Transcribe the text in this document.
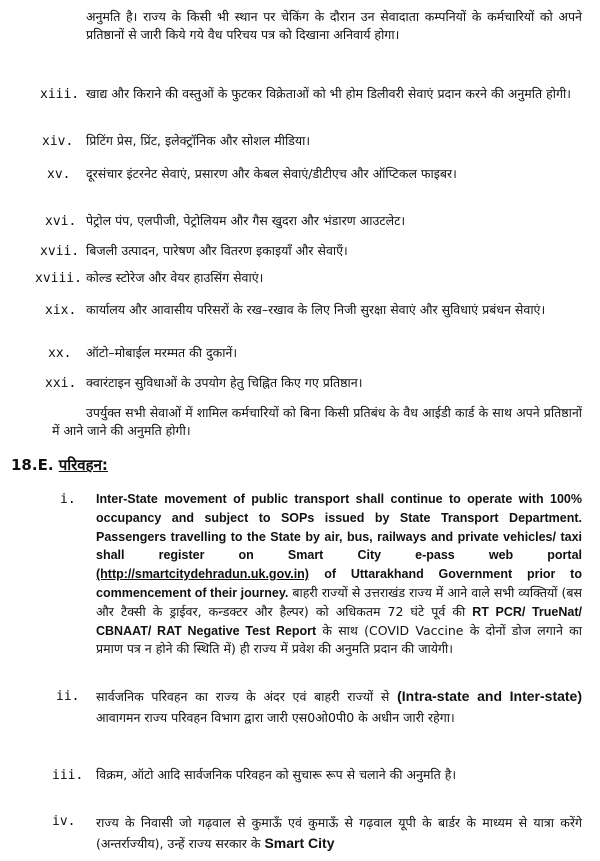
अनुमति है। राज्य के किसी भी स्थान पर चेकिंग के दौरान उन सेवादाता कम्पनियों के कर्मचारियों को अपने प्रतिष्ठानों से जारी किये गये वैध परिचय पत्र को दिखाना अनिवार्य होगा।

xiii. खाद्य और किराने की वस्तुओं के फुटकर विक्रेताओं को भी होम डिलीवरी सेवाएं प्रदान करने की अनुमति होगी।

xiv. प्रिटिंग प्रेस, प्रिंट, इलेक्ट्रॉनिक और सोशल मीडिया।

xv. दूरसंचार इंटरनेट सेवाएं, प्रसारण और केबल सेवाएं/डीटीएच और ऑप्टिकल फाइबर।

xvi. पेट्रोल पंप, एलपीजी, पेट्रोलियम और गैस खुदरा और भंडारण आउटलेट।

xvii. बिजली उत्पादन, पारेषण और वितरण इकाइयाँ और सेवाएँ।

xviii. कोल्ड स्टोरेज और वेयर हाउसिंग सेवाएं।

xix. कार्यालय और आवासीय परिसरों के रख–रखाव के लिए निजी सुरक्षा सेवाएं और सुविधाएं प्रबंधन सेवाएं।

xx. ऑटो–मोबाईल मरम्मत की दुकानें।

xxi. क्वारंटाइन सुविधाओं के उपयोग हेतु चिह्नित किए गए प्रतिष्ठान।

उपर्युक्त सभी सेवाओं में शामिल कर्मचारियों को बिना किसी प्रतिबंध के वैध आईडी कार्ड के साथ अपने प्रतिष्ठानों में आने जाने की अनुमति होगी।

18.E. परिवहन:
i. Inter-State movement of public transport shall continue to operate with 100% occupancy and subject to SOPs issued by State Transport Department. Passengers travelling to the State by air, bus, railways and private vehicles/ taxi shall register on Smart City e-pass web portal (http://smartcitydehradun.uk.gov.in) of Uttarakhand Government prior to commencement of their journey. बाहरी राज्यों से उत्तराखंड राज्य में आने वाले सभी व्यक्तियों (बस और टैक्सी के ड्राईवर, कन्डक्टर और हैल्पर) को अधिकतम 72 घंटे पूर्व की RT PCR/ TrueNat/ CBNAAT/ RAT Negative Test Report के साथ (COVID Vaccine के दोनों डोज लगाने का प्रमाण पत्र न होने की स्थिति में) ही राज्य में प्रवेश की अनुमति प्रदान की जायेगी।

ii. सार्वजनिक परिवहन का राज्य के अंदर एवं बाहरी राज्यों से (Intra-state and Inter-state) आवागमन राज्य परिवहन विभाग द्वारा जारी एस0ओ0पी0 के अधीन जारी रहेगा।

iii. विक्रम, ऑटो आदि सार्वजनिक परिवहन को सुचारू रूप से चलाने की अनुमति है।

iv. राज्य के निवासी जो गढ़वाल से कुमाऊँ एवं कुमाऊँ से गढ़वाल यूपी के बार्डर के माध्यम से यात्रा करेंगे (अन्तर्राज्यीय), उन्हें राज्य सरकार के Smart City
